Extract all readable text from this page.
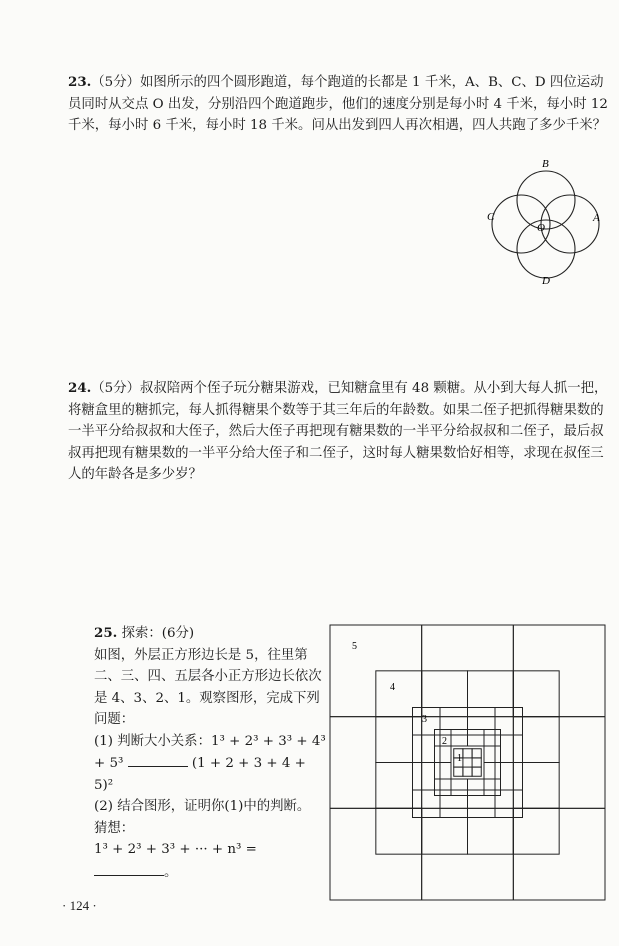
23.（5分）如图所示的四个圆形跑道，每个跑道的长都是 1 千米，A、B、C、D 四位运动员同时从交点 O 出发，分别沿四个跑道跑步，他们的速度分别是每小时 4 千米，每小时 12 千米，每小时 6 千米，每小时 18 千米。问从出发到四人再次相遇，四人共跑了多少千米？

24.（5分）叔叔陪两个侄子玩分糖果游戏，已知糖盒里有 48 颗糖。从小到大每人抓一把，将糖盒里的糖抓完，每人抓得糖果个数等于其三年后的年龄数。如果二侄子把抓得糖果数的一半平分给叔叔和大侄子，然后大侄子再把现有糖果数的一半平分给叔叔和二侄子，最后叔叔再把现有糖果数的一半平分给大侄子和二侄子，这时每人糖果数恰好相等，求现在叔侄三人的年龄各是多少岁？

25. 探索：(6分)

如图，外层正方形边长是 5，往里第二、三、四、五层各小正方形边长依次是 4、3、2、1。观察图形，完成下列问题：

(1) 判断大小关系：1³ + 2³ + 3³ + 4³ + 5³	(1 + 2 + 3 + 4 + 5)²

(2) 结合图形，证明你(1)中的判断。

猜想：

1³ + 2³ + 3³ + ··· + n³ = 。

B
C	A
D
O
5
4
3
2
1
· 124 ·
